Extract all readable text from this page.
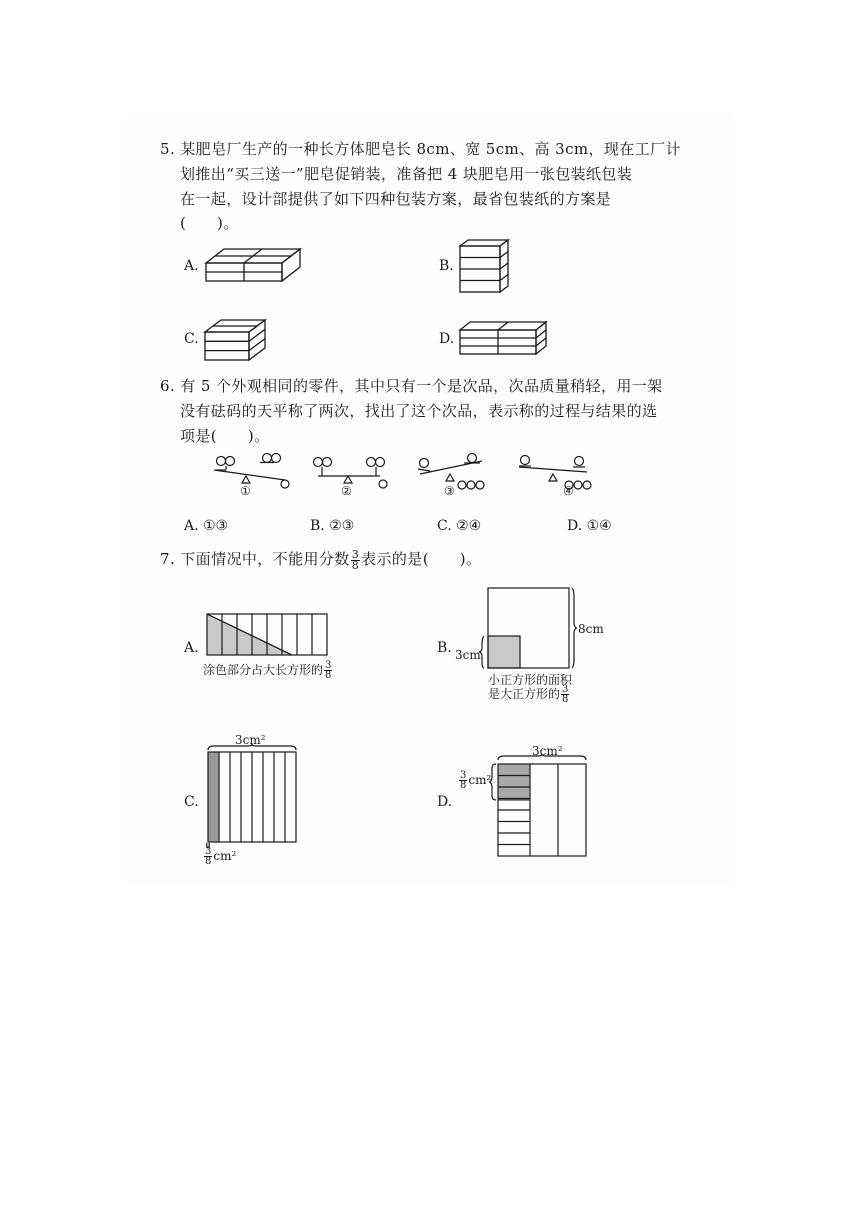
5. 某肥皂厂生产的一种长方体肥皂长 8cm、宽 5cm、高 3cm，现在工厂计
划推出“买三送一”肥皂促销装，准备把 4 块肥皂用一张包装纸包装
在一起，设计部提供了如下四种包装方案，最省包装纸的方案是
(　　)。
A.	B.
C.	D.
6. 有 5 个外观相同的零件，其中只有一个是次品，次品质量稍轻，用一架
没有砝码的天平称了两次，找出了这个次品，表示称的过程与结果的选
项是(　　)。
①	②	③	④
A. ①③	B. ②③	C. ②④	D. ①④
7. 下面情况中，不能用分数 $\frac{3}{8}$ 表示的是(　　)。
A.
涂色部分占大长方形的 $\frac{3}{8}$
B. 3cm
8cm
小正方形的面积
是大正方形的 $\frac{3}{8}$
C.
3cm²
$\frac{3}{8} cm^2$
D.
3cm²
$\frac{3}{8} cm^2$
